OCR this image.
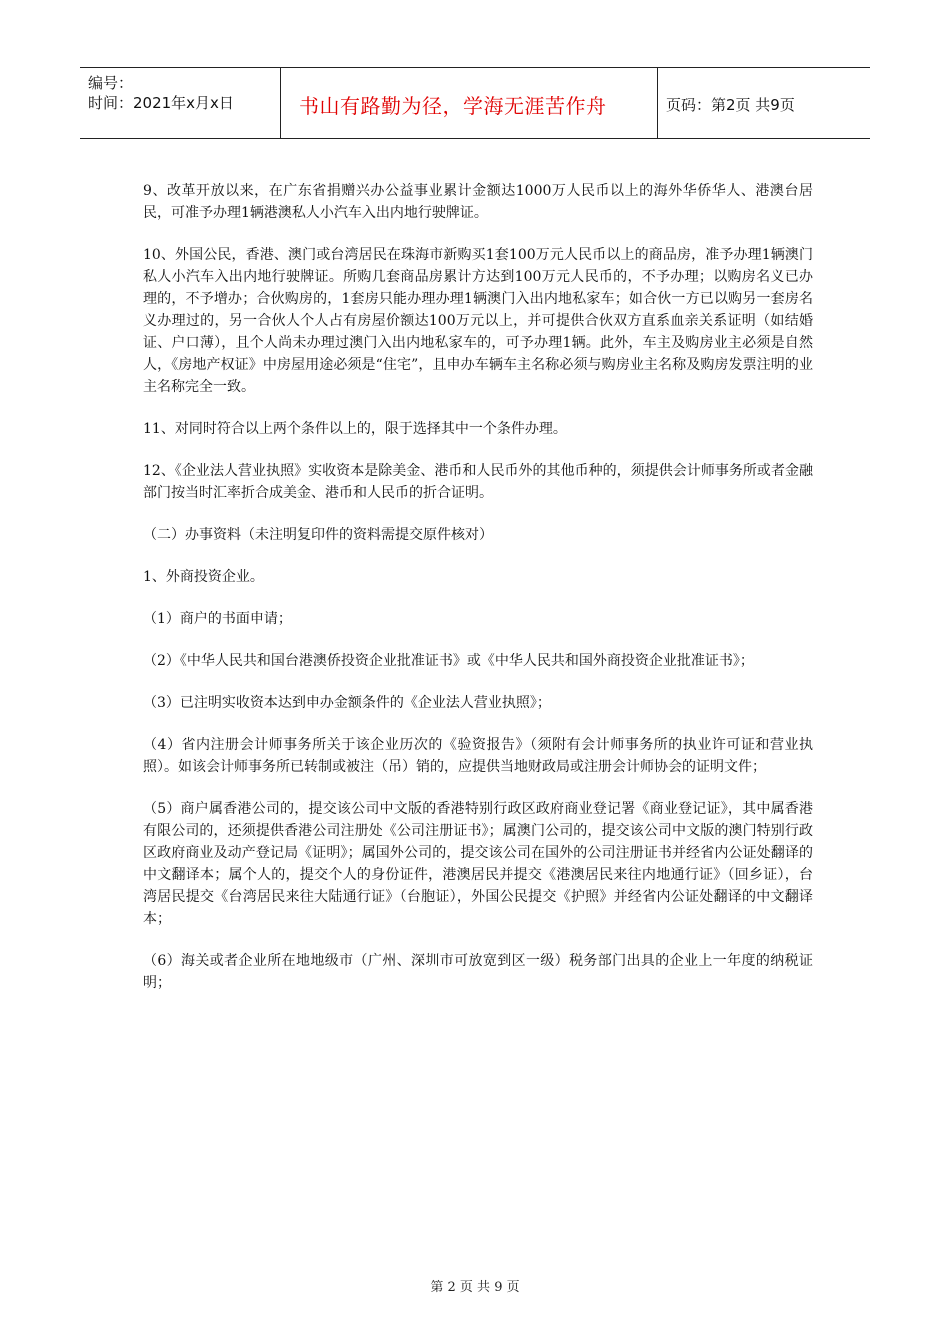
编号：
时间：2021年x月x日	书山有路勤为径，学海无涯苦作舟	页码：第2页 共9页

9、改革开放以来，在广东省捐赠兴办公益事业累计金额达1000万人民币以上的海外华侨华人、港澳台居民，可准予办理1辆港澳私人小汽车入出内地行驶牌证。

10、外国公民，香港、澳门或台湾居民在珠海市新购买1套100万元人民币以上的商品房，准予办理1辆澳门私人小汽车入出内地行驶牌证。所购几套商品房累计方达到100万元人民币的，不予办理；以购房名义已办理的，不予增办；合伙购房的，1套房只能办理办理1辆澳门入出内地私家车；如合伙一方已以购另一套房名义办理过的，另一合伙人个人占有房屋价额达100万元以上，并可提供合伙双方直系血亲关系证明（如结婚证、户口薄），且个人尚未办理过澳门入出内地私家车的，可予办理1辆。此外，车主及购房业主必须是自然人，《房地产权证》中房屋用途必须是“住宅”，且申办车辆车主名称必须与购房业主名称及购房发票注明的业主名称完全一致。

11、对同时符合以上两个条件以上的，限于选择其中一个条件办理。

12、《企业法人营业执照》实收资本是除美金、港币和人民币外的其他币种的，须提供会计师事务所或者金融部门按当时汇率折合成美金、港币和人民币的折合证明。

（二）办事资料（未注明复印件的资料需提交原件核对）

1、外商投资企业。

（1）商户的书面申请；

（2）《中华人民共和国台港澳侨投资企业批准证书》或《中华人民共和国外商投资企业批准证书》；

（3）已注明实收资本达到申办金额条件的《企业法人营业执照》；

（4）省内注册会计师事务所关于该企业历次的《验资报告》（须附有会计师事务所的执业许可证和营业执照）。如该会计师事务所已转制或被注（吊）销的，应提供当地财政局或注册会计师协会的证明文件；

（5）商户属香港公司的，提交该公司中文版的香港特别行政区政府商业登记署《商业登记证》，其中属香港有限公司的，还须提供香港公司注册处《公司注册证书》；属澳门公司的，提交该公司中文版的澳门特别行政区政府商业及动产登记局《证明》；属国外公司的，提交该公司在国外的公司注册证书并经省内公证处翻译的中文翻译本；属个人的，提交个人的身份证件，港澳居民并提交《港澳居民来往内地通行证》（回乡证），台湾居民提交《台湾居民来往大陆通行证》（台胞证），外国公民提交《护照》并经省内公证处翻译的中文翻译本；

（6）海关或者企业所在地地级市（广州、深圳市可放宽到区一级）税务部门出具的企业上一年度的纳税证明；

第 2 页 共 9 页
